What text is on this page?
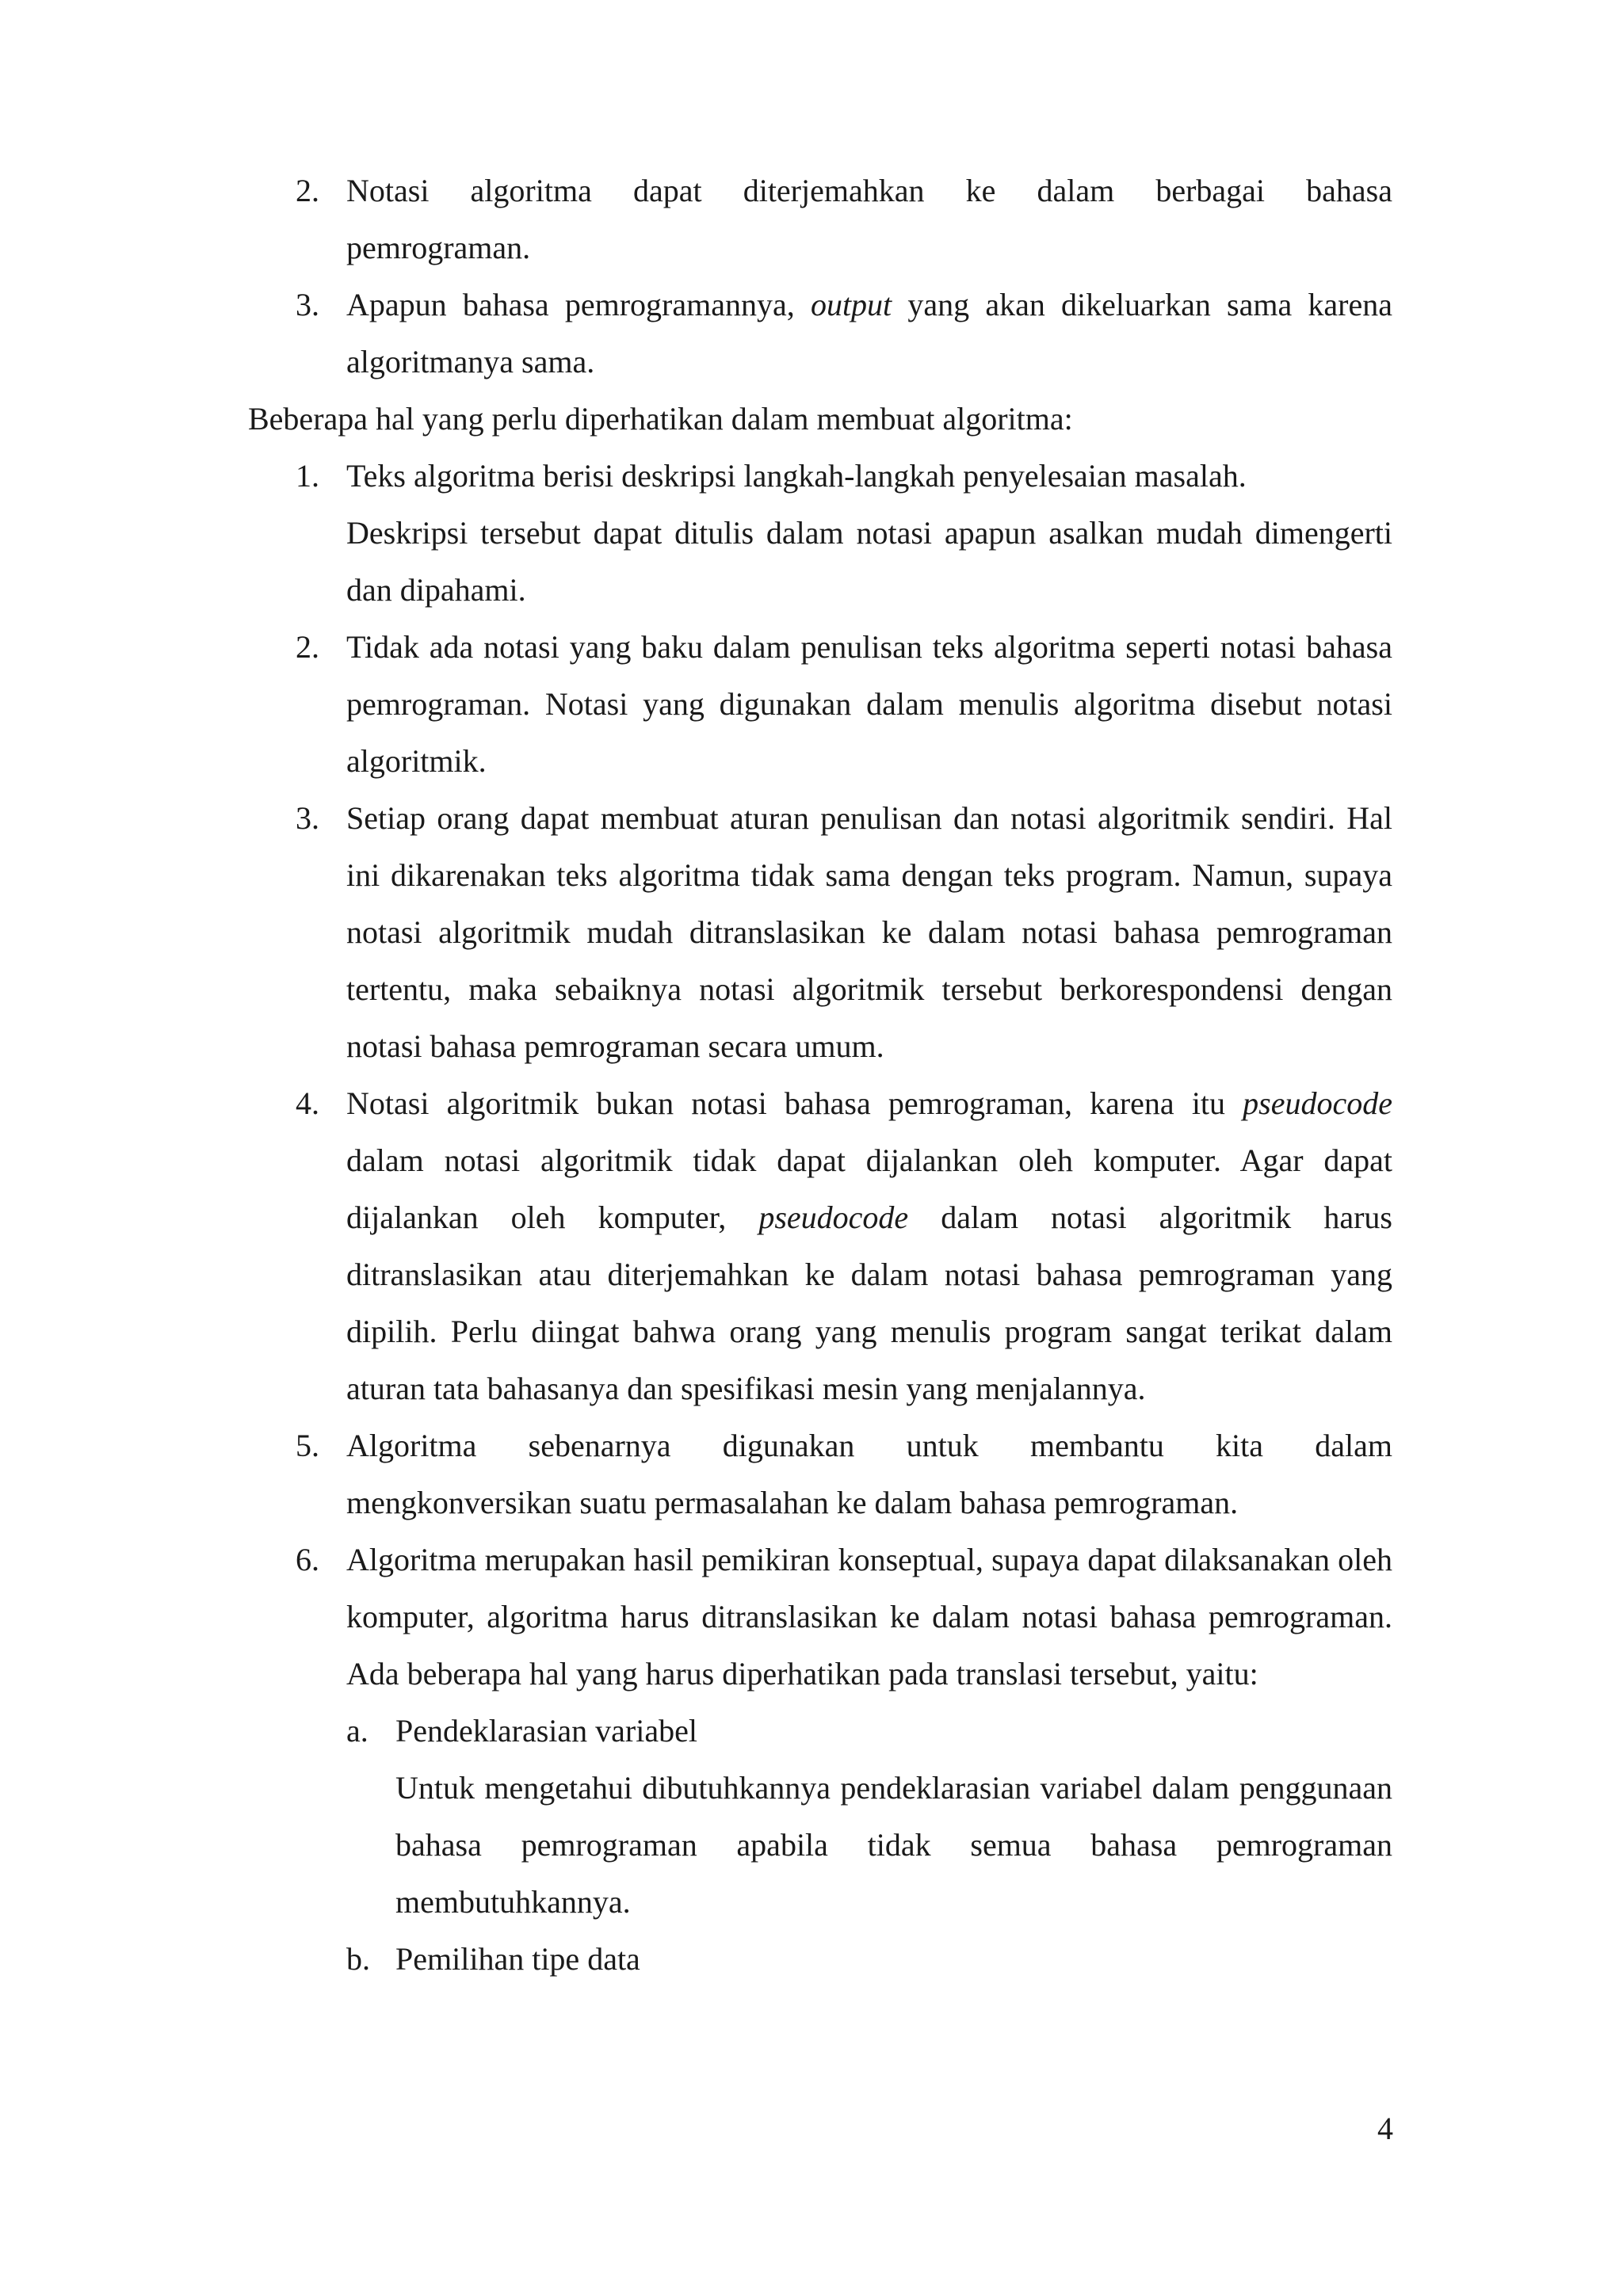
2. Notasi algoritma dapat diterjemahkan ke dalam berbagai bahasa
pemrograman.
3. Apapun bahasa pemrogramannya, output yang akan dikeluarkan sama karena algoritmanya sama.
Beberapa hal yang perlu diperhatikan dalam membuat algoritma:
1. Teks algoritma berisi deskripsi langkah-langkah penyelesaian masalah.
Deskripsi tersebut dapat ditulis dalam notasi apapun asalkan mudah dimengerti dan dipahami.
2. Tidak ada notasi yang baku dalam penulisan teks algoritma seperti notasi bahasa pemrograman. Notasi yang digunakan dalam menulis algoritma disebut notasi algoritmik.
3. Setiap orang dapat membuat aturan penulisan dan notasi algoritmik sendiri. Hal ini dikarenakan teks algoritma tidak sama dengan teks program. Namun, supaya notasi algoritmik mudah ditranslasikan ke dalam notasi bahasa pemrograman tertentu, maka sebaiknya notasi algoritmik tersebut berkorespondensi dengan notasi bahasa pemrograman secara umum.
4. Notasi algoritmik bukan notasi bahasa pemrograman, karena itu pseudocode dalam notasi algoritmik tidak dapat dijalankan oleh komputer. Agar dapat dijalankan oleh komputer, pseudocode dalam notasi algoritmik harus ditranslasikan atau diterjemahkan ke dalam notasi bahasa pemrograman yang dipilih. Perlu diingat bahwa orang yang menulis program sangat terikat dalam aturan tata bahasanya dan spesifikasi mesin yang menjalannya.
5. Algoritma sebenarnya digunakan untuk membantu kita dalam
mengkonversikan suatu permasalahan ke dalam bahasa pemrograman.
6. Algoritma merupakan hasil pemikiran konseptual, supaya dapat dilaksanakan oleh komputer, algoritma harus ditranslasikan ke dalam notasi bahasa pemrograman. Ada beberapa hal yang harus diperhatikan pada translasi tersebut, yaitu:
a. Pendeklarasian variabel
Untuk mengetahui dibutuhkannya pendeklarasian variabel dalam penggunaan bahasa pemrograman apabila tidak semua bahasa pemrograman membutuhkannya.
b. Pemilihan tipe data
4
